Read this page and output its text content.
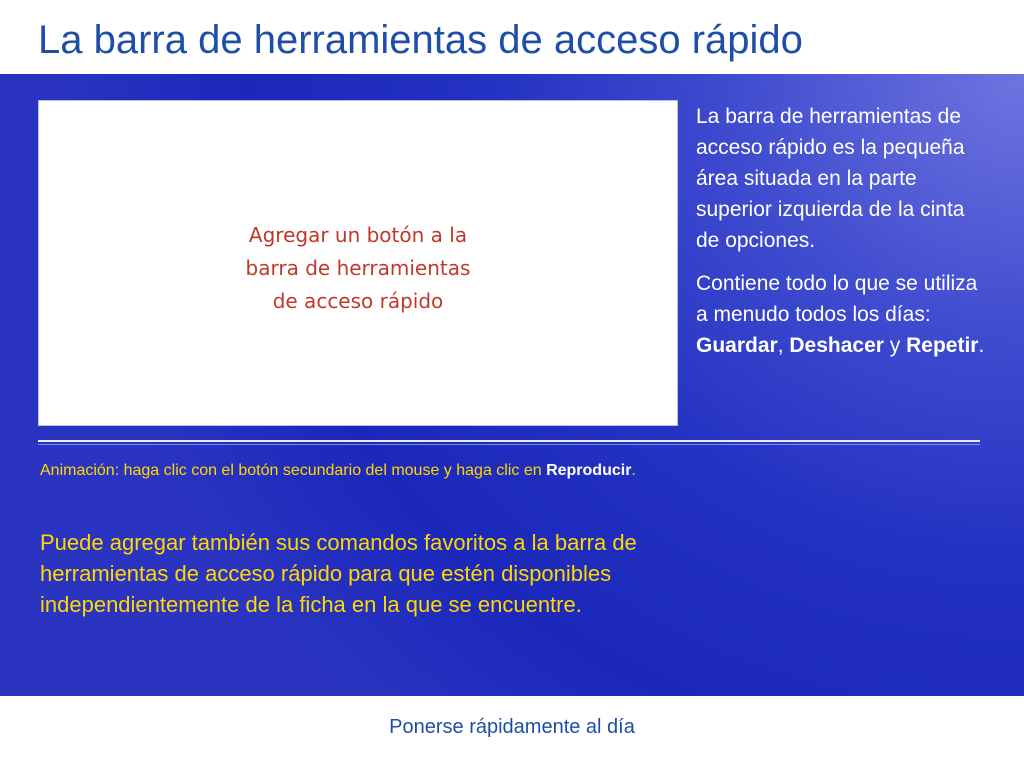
La barra de herramientas de acceso rápido
Agregar un botón a la
barra de herramientas
de acceso rápido

La barra de herramientas de acceso rápido es la pequeña área situada en la parte superior izquierda de la cinta de opciones.

Contiene todo lo que se utiliza a menudo todos los días: Guardar, Deshacer y Repetir.

Animación: haga clic con el botón secundario del mouse y haga clic en Reproducir.
Puede agregar también sus comandos favoritos a la barra de herramientas de acceso rápido para que estén disponibles independientemente de la ficha en la que se encuentre.
Ponerse rápidamente al día
